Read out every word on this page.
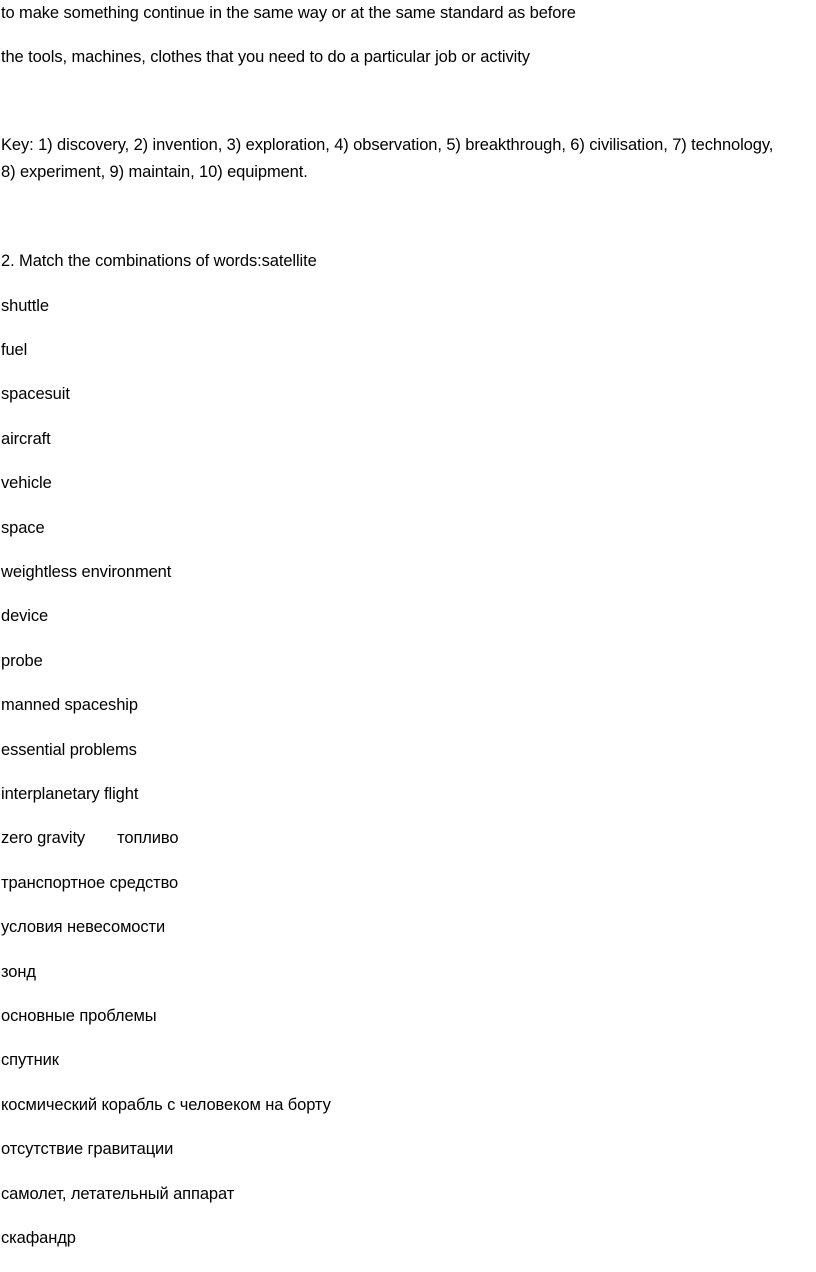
to make something continue in the same way or at the same standard as before
the tools, machines, clothes that you need to do a particular job or activity
Key: 1) discovery, 2) invention, 3) exploration, 4) observation, 5) breakthrough, 6) civilisation, 7) technology, 8) experiment, 9) maintain, 10) equipment.
2. Match the combinations of words:satellite
shuttle
fuel
spacesuit
aircraft
vehicle
space
weightless environment
device
probe
manned spaceship
essential problems
interplanetary flight
zero gravity топливо
транспортное средство
условия невесомости
зонд
основные проблемы
спутник
космический корабль с человеком на борту
отсутствие гравитации
самолет, летательный аппарат
скафандр
